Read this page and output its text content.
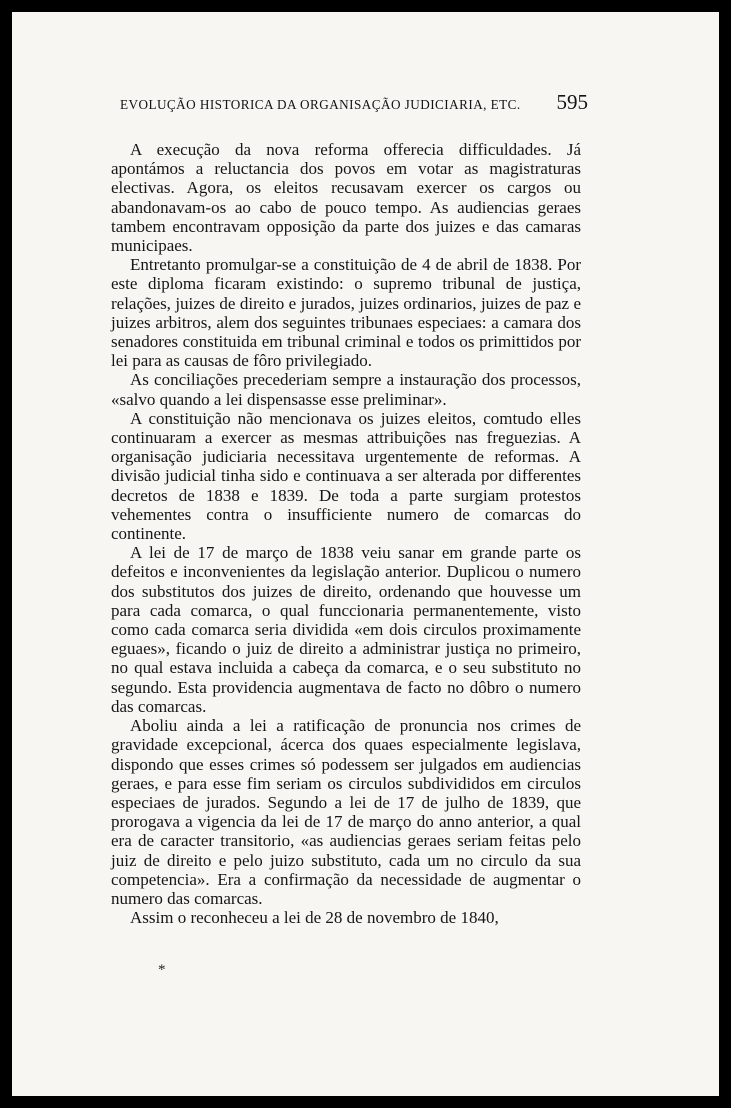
EVOLUÇÃO HISTORICA DA ORGANISAÇÃO JUDICIARIA, ETC. 595

A execução da nova reforma offerecia difficuldades. Já apontámos a reluctancia dos povos em votar as magistraturas electivas. Agora, os eleitos recusavam exercer os cargos ou abandonavam-os ao cabo de pouco tempo. As audiencias geraes tambem encontravam opposição da parte dos juizes e das camaras municipaes.

Entretanto promulgar-se a constituição de 4 de abril de 1838. Por este diploma ficaram existindo: o supremo tribunal de justiça, relações, juizes de direito e jurados, juizes ordinarios, juizes de paz e juizes arbitros, alem dos seguintes tribunaes especiaes: a camara dos senadores constituida em tribunal criminal e todos os primittidos por lei para as causas de fôro privilegiado.

As conciliações precederiam sempre a instauração dos processos, «salvo quando a lei dispensasse esse preliminar».

A constituição não mencionava os juizes eleitos, comtudo elles continuaram a exercer as mesmas attribuições nas freguezias. A organisação judiciaria necessitava urgentemente de reformas. A divisão judicial tinha sido e continuava a ser alterada por differentes decretos de 1838 e 1839. De toda a parte surgiam protestos vehementes contra o insufficiente numero de comarcas do continente.

A lei de 17 de março de 1838 veiu sanar em grande parte os defeitos e inconvenientes da legislação anterior. Duplicou o numero dos substitutos dos juizes de direito, ordenando que houvesse um para cada comarca, o qual funccionaria permanentemente, visto como cada comarca seria dividida «em dois circulos proximamente eguaes», ficando o juiz de direito a administrar justiça no primeiro, no qual estava incluida a cabeça da comarca, e o seu substituto no segundo. Esta providencia augmentava de facto no dôbro o numero das comarcas.

Aboliu ainda a lei a ratificação de pronuncia nos crimes de gravidade excepcional, ácerca dos quaes especialmente legislava, dispondo que esses crimes só podessem ser julgados em audiencias geraes, e para esse fim seriam os circulos subdivididos em circulos especiaes de jurados. Segundo a lei de 17 de julho de 1839, que prorogava a vigencia da lei de 17 de março do anno anterior, a qual era de caracter transitorio, «as audiencias geraes seriam feitas pelo juiz de direito e pelo juizo substituto, cada um no circulo da sua competencia». Era a confirmação da necessidade de augmentar o numero das comarcas.

Assim o reconheceu a lei de 28 de novembro de 1840,

*
